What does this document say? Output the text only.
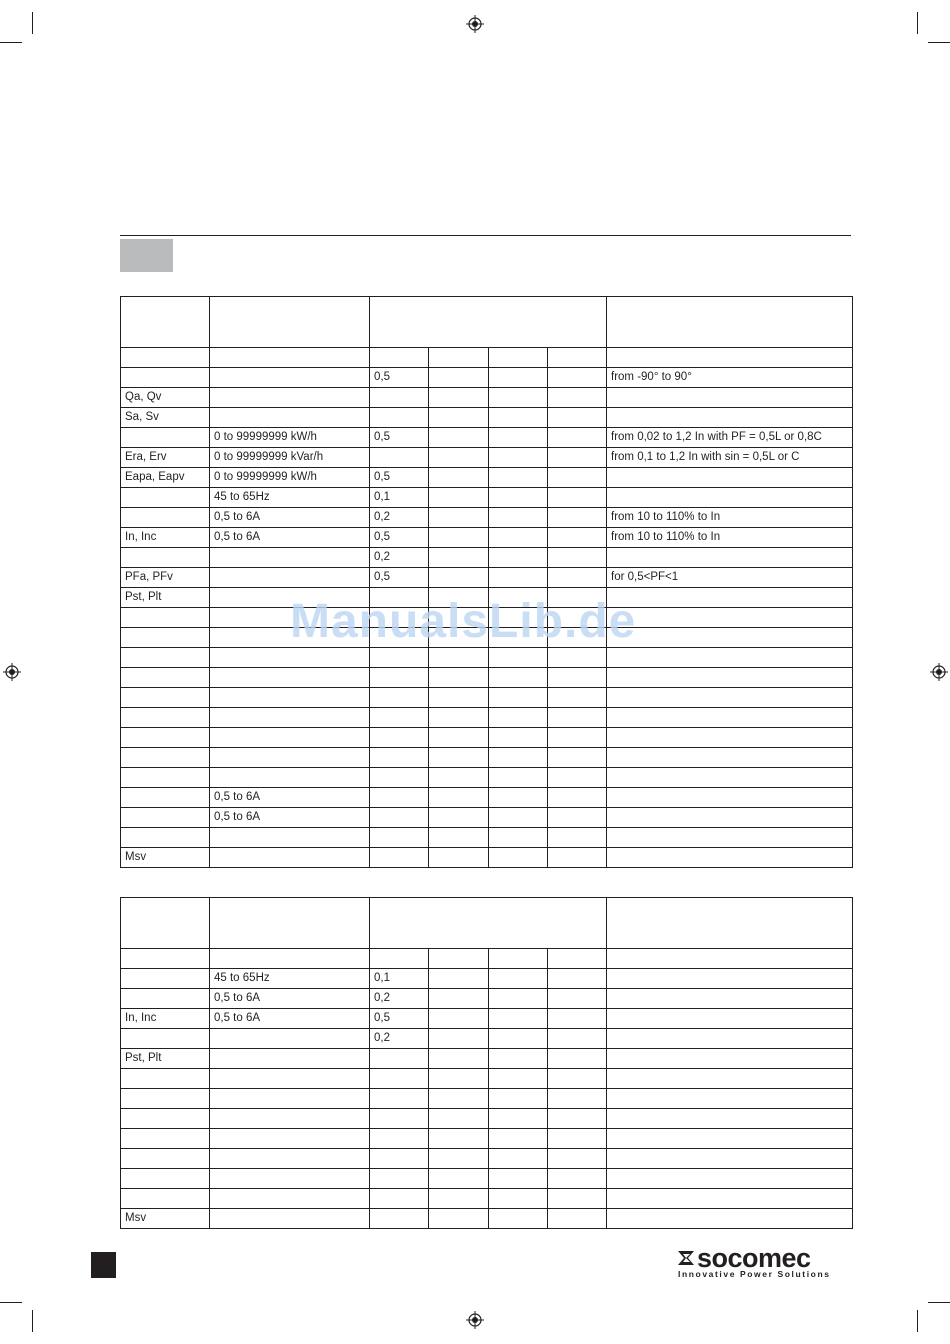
		0,5				from -90° to 90°
Qa, Qv						
Sa, Sv						
	0 to 99999999 kW/h	0,5				from 0,02 to 1,2 In with PF = 0,5L or 0,8C
Era, Erv	0 to 99999999 kVar/h					from 0,1 to 1,2 In with sin = 0,5L or C
Eapa, Eapv	0 to 99999999 kW/h	0,5				
	45 to 65Hz	0,1				
	0,5 to 6A	0,2				from 10 to 110% to In
In, Inc	0,5 to 6A	0,5				from 10 to 110% to In
		0,2				
PFa, PFv		0,5				for 0,5<PF<1
Pst, Plt						

	0,5 to 6A					
	0,5 to 6A					

Msv						

	45 to 65Hz	0,1				
	0,5 to 6A	0,2				
In, Inc	0,5 to 6A	0,5				
		0,2				
Pst, Plt						

Msv						
ManualsLib.de
socomec
Innovative Power Solutions
